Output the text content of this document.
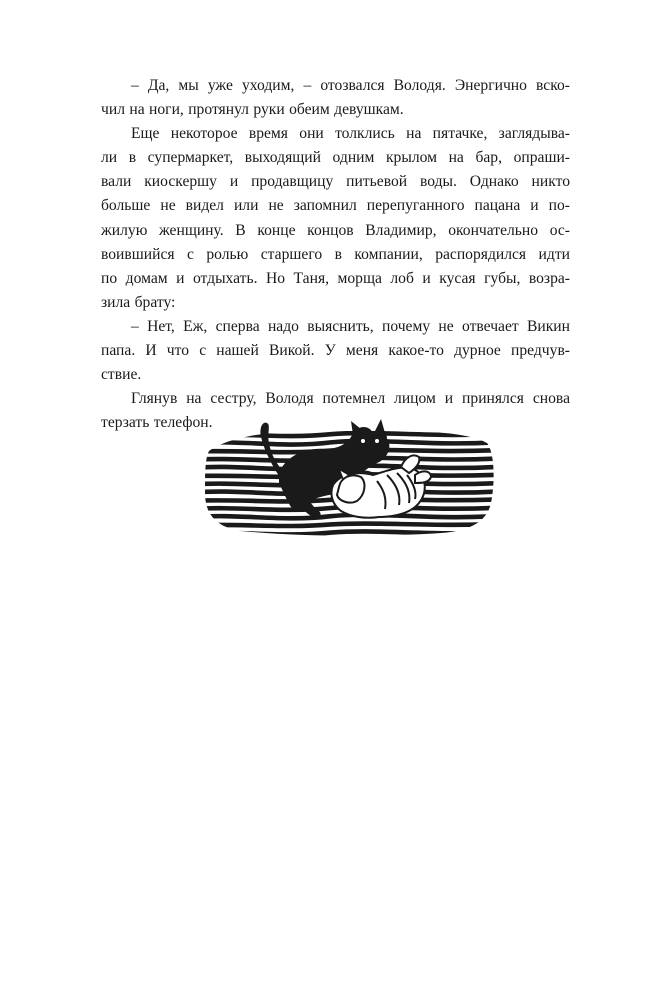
– Да, мы уже уходим, – отозвался Володя. Энергично вско-
чил на ноги, протянул руки обеим девушкам.

Еще некоторое время они толклись на пятачке, заглядыва-
ли в супермаркет, выходящий одним крылом на бар, опраши-
вали киоскершу и продавщицу питьевой воды. Однако никто
больше не видел или не запомнил перепуганного пацана и по-
жилую женщину. В конце концов Владимир, окончательно ос-
воившийся с ролью старшего в компании, распорядился идти
по домам и отдыхать. Но Таня, морща лоб и кусая губы, возра-
зила брату:

– Нет, Еж, сперва надо выяснить, почему не отвечает Викин
папа. И что с нашей Викой. У меня какое-то дурное предчув-
ствие.

Глянув на сестру, Володя потемнел лицом и принялся снова
терзать телефон.
